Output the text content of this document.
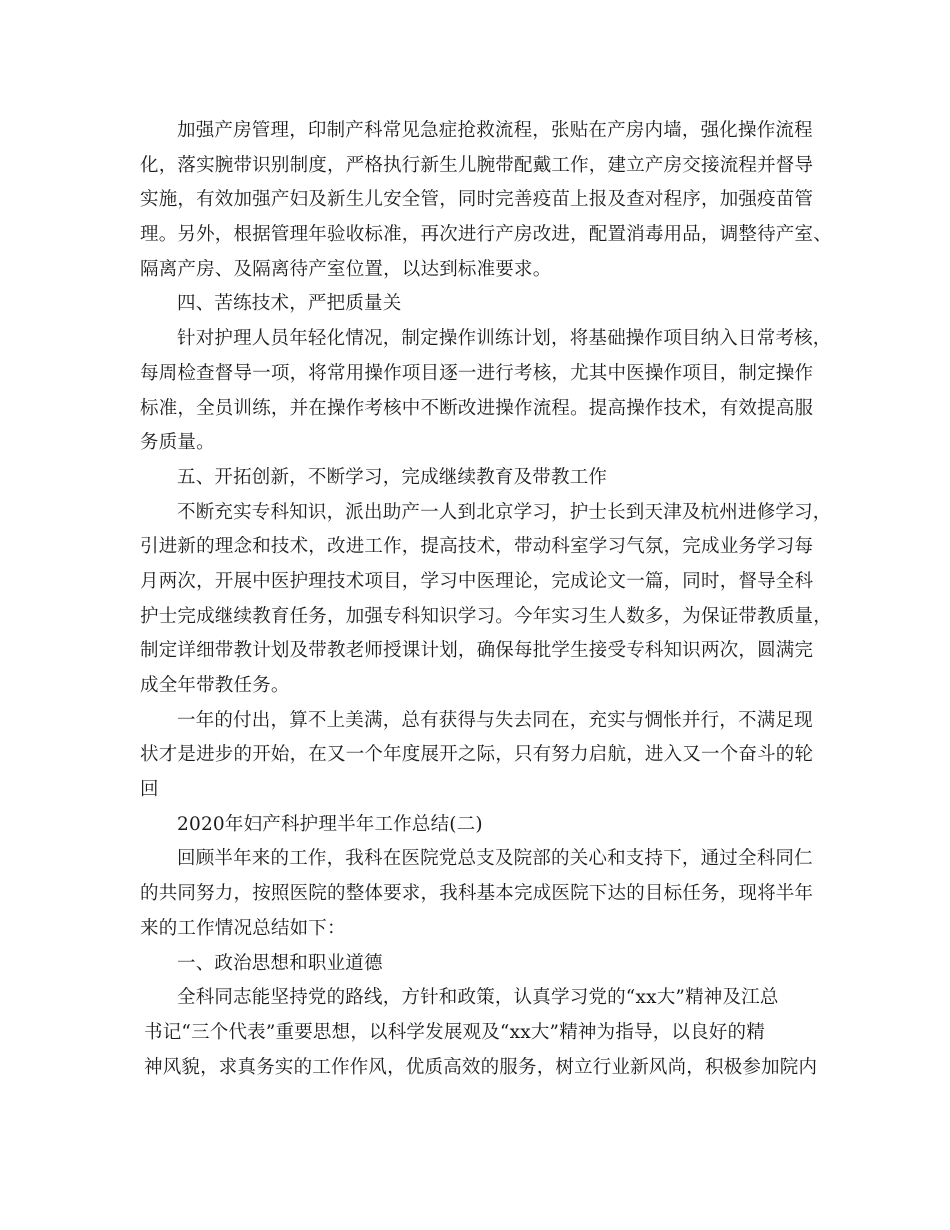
加强产房管理，印制产科常见急症抢救流程，张贴在产房内墙，强化操作流程
化，落实腕带识别制度，严格执行新生儿腕带配戴工作，建立产房交接流程并督导
实施，有效加强产妇及新生儿安全管，同时完善疫苗上报及查对程序，加强疫苗管
理。另外，根据管理年验收标准，再次进行产房改进，配置消毒用品，调整待产室、
隔离产房、及隔离待产室位置，以达到标准要求。
四、苦练技术，严把质量关
针对护理人员年轻化情况，制定操作训练计划，将基础操作项目纳入日常考核，
每周检查督导一项，将常用操作项目逐一进行考核，尤其中医操作项目，制定操作
标准，全员训练，并在操作考核中不断改进操作流程。提高操作技术，有效提高服
务质量。
五、开拓创新，不断学习，完成继续教育及带教工作
不断充实专科知识，派出助产一人到北京学习，护士长到天津及杭州进修学习，
引进新的理念和技术，改进工作，提高技术，带动科室学习气氛，完成业务学习每
月两次，开展中医护理技术项目，学习中医理论，完成论文一篇，同时，督导全科
护士完成继续教育任务，加强专科知识学习。今年实习生人数多，为保证带教质量，
制定详细带教计划及带教老师授课计划，确保每批学生接受专科知识两次，圆满完
成全年带教任务。
一年的付出，算不上美满，总有获得与失去同在，充实与惆怅并行，不满足现
状才是进步的开始，在又一个年度展开之际，只有努力启航，进入又一个奋斗的轮
回
2020年妇产科护理半年工作总结(二)
回顾半年来的工作，我科在医院党总支及院部的关心和支持下，通过全科同仁
的共同努力，按照医院的整体要求，我科基本完成医院下达的目标任务，现将半年
来的工作情况总结如下：
一、政治思想和职业道德
全科同志能坚持党的路线，方针和政策，认真学习党的“xx大”精神及江总
书记“三个代表”重要思想，以科学发展观及“xx大”精神为指导，以良好的精
神风貌，求真务实的工作作风，优质高效的服务，树立行业新风尚，积极参加院内
